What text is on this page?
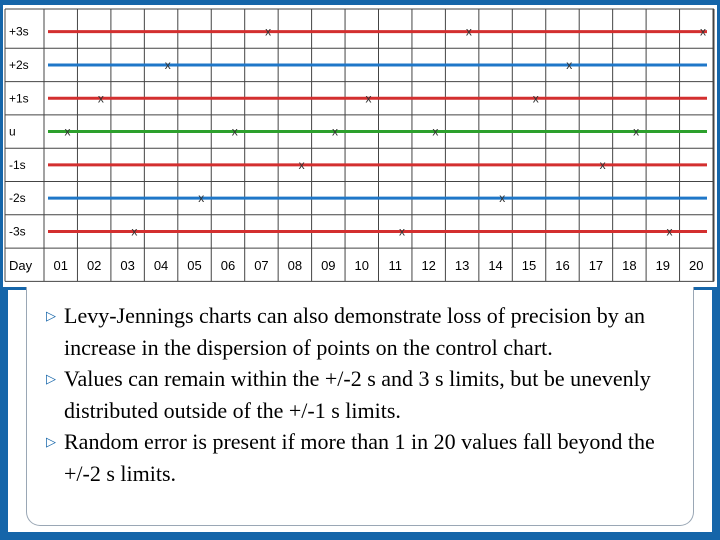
+3s
+2s
+1s
u
-1s
-2s
-3s
Day 01 02 03 04 05 06 07 08 09 10 11 12 13 14 15 16 17 18 19 20
x
x
x
x
x
x
x
x
x
x
x
x
x
x
x
x
x
x
x
x

▷ Levy-Jennings charts can also demonstrate loss of precision by an increase in the dispersion of points on the control chart.

▷ Values can remain within the +/-2 s and 3 s limits, but be unevenly distributed outside of the +/-1 s limits.

▷ Random error is present if more than 1 in 20 values fall beyond the +/-2 s limits.
